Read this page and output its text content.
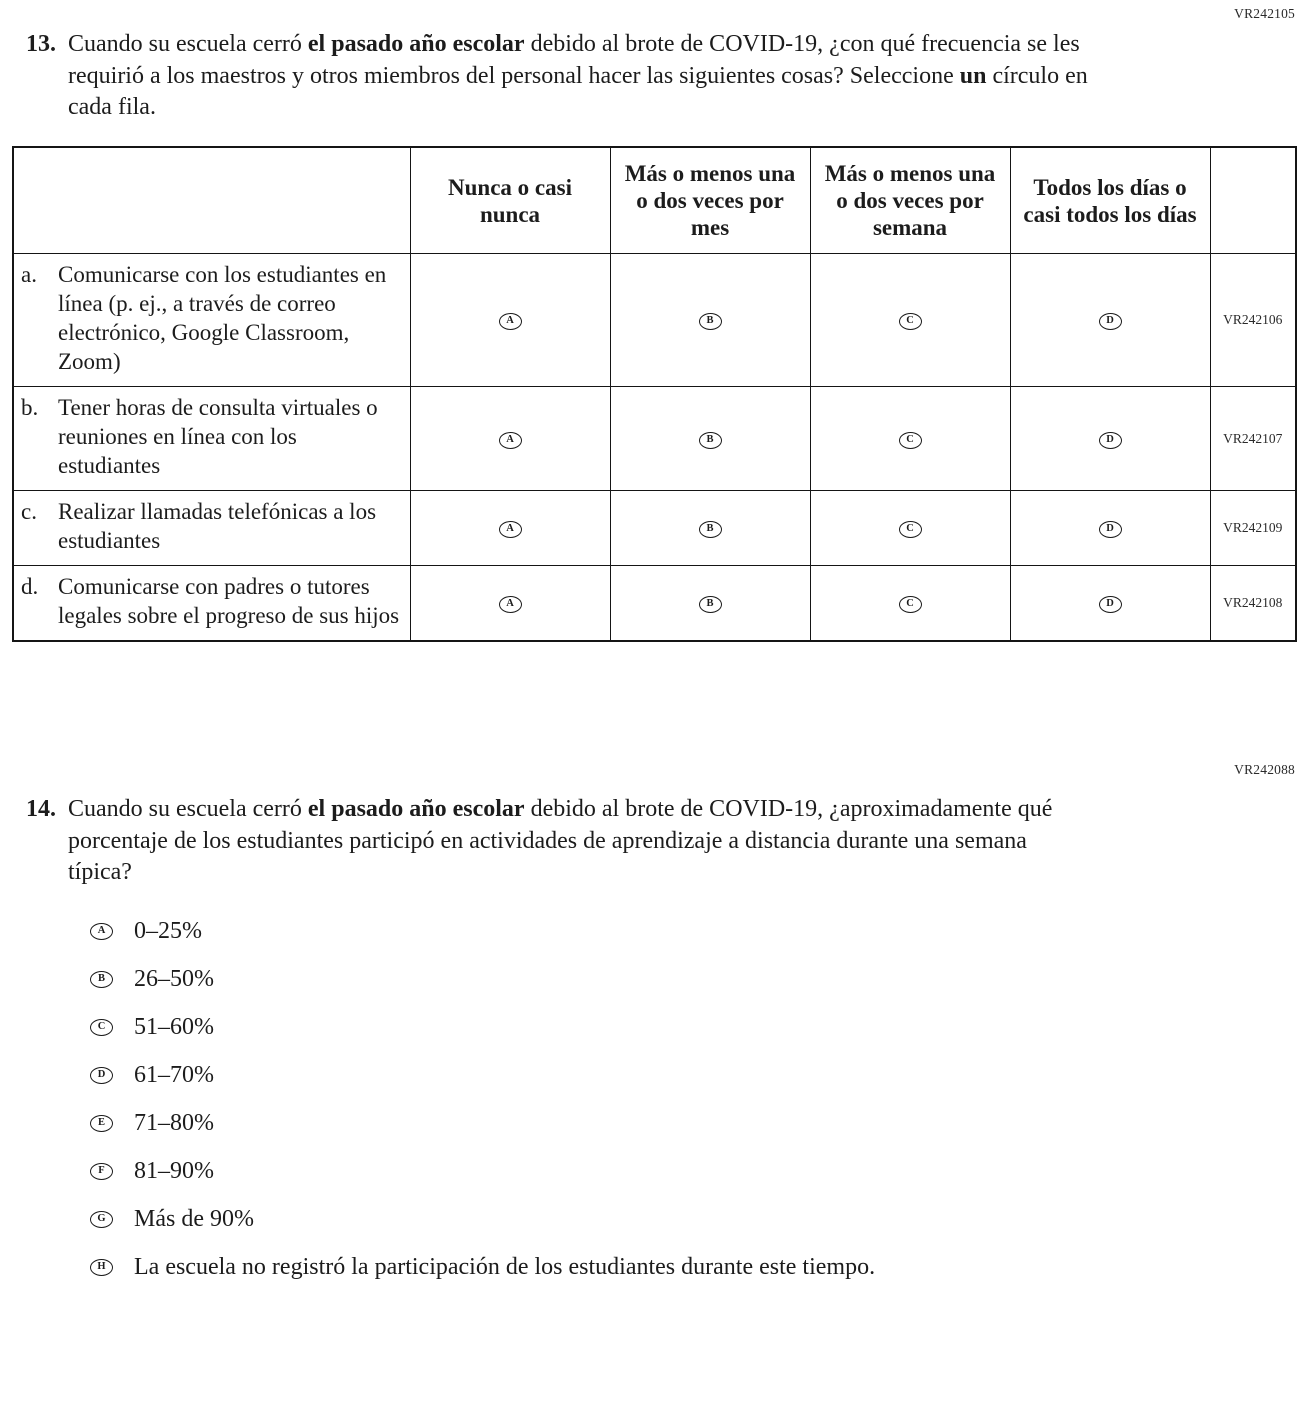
VR242105
13. Cuando su escuela cerró el pasado año escolar debido al brote de COVID-19, ¿con qué frecuencia se les requirió a los maestros y otros miembros del personal hacer las siguientes cosas? Seleccione un círculo en cada fila.
	Nunca o casi nunca	Más o menos una o dos veces por mes	Más o menos una o dos veces por semana	Todos los días o casi todos los días	

a. Comunicarse con los estudiantes en línea (p. ej., a través de correo electrónico, Google Classroom, Zoom)	A	B	C	D	VR242106

b. Tener horas de consulta virtuales o reuniones en línea con los estudiantes	A	B	C	D	VR242107

c. Realizar llamadas telefónicas a los estudiantes	A	B	C	D	VR242109

d. Comunicarse con padres o tutores legales sobre el progreso de sus hijos	A	B	C	D	VR242108
VR242088
14. Cuando su escuela cerró el pasado año escolar debido al brote de COVID-19, ¿aproximadamente qué porcentaje de los estudiantes participó en actividades de aprendizaje a distancia durante una semana típica?
A	0–25%
B	26–50%
C	51–60%
D	61–70%
E	71–80%
F	81–90%
G	Más de 90%
H	La escuela no registró la participación de los estudiantes durante este tiempo.
